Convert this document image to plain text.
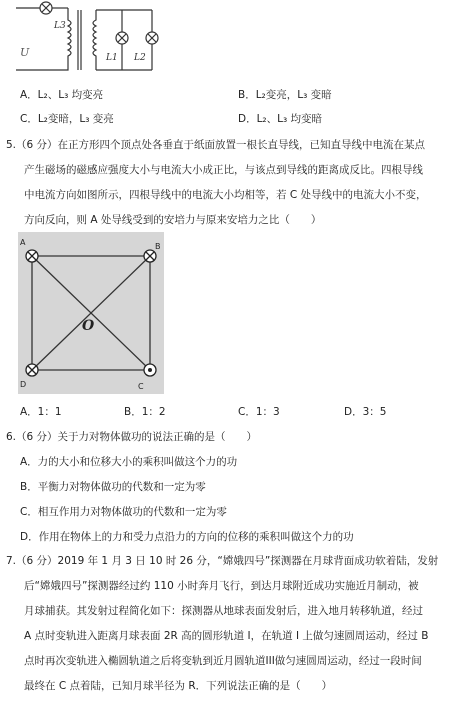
U
L3
L1 L2
A．L₂、L₃ 均变亮	B．L₂变亮，L₃ 变暗
C．L₂变暗，L₃ 变亮	D．L₂、L₃ 均变暗
5.（6 分）在正方形四个顶点处各垂直于纸面放置一根长直导线，已知直导线中电流在某点
产生磁场的磁感应强度大小与电流大小成正比，与该点到导线的距离成反比。四根导线
中电流方向如图所示，四根导线中的电流大小均相等，若 C 处导线中的电流大小不变，
方向反向，则 A 处导线受到的安培力与原来安培力之比（　　）
A	B
D	C
O
A．1：1	B．1：2	C．1：3	D．3：5
6.（6 分）关于力对物体做功的说法正确的是（　　）
A．力的大小和位移大小的乘积叫做这个力的功
B．平衡力对物体做功的代数和一定为零
C．相互作用力对物体做功的代数和一定为零
D．作用在物体上的力和受力点沿力的方向的位移的乘积叫做这个力的功
7.（6 分）2019 年 1 月 3 日 10 时 26 分，“嫦娥四号”探测器在月球背面成功软着陆，发射
后“嫦娥四号”探测器经过约 110 小时奔月飞行，到达月球附近成功实施近月制动，被
月球捕获。其发射过程简化如下：探测器从地球表面发射后，进入地月转移轨道，经过
A 点时变轨进入距离月球表面 2R 高的圆形轨道 I，在轨道 I 上做匀速圆周运动，经过 B
点时再次变轨进入椭圆轨道之后将变轨到近月圆轨道III做匀速圆周运动，经过一段时间
最终在 C 点着陆，已知月球半径为 R．下列说法正确的是（　　）
